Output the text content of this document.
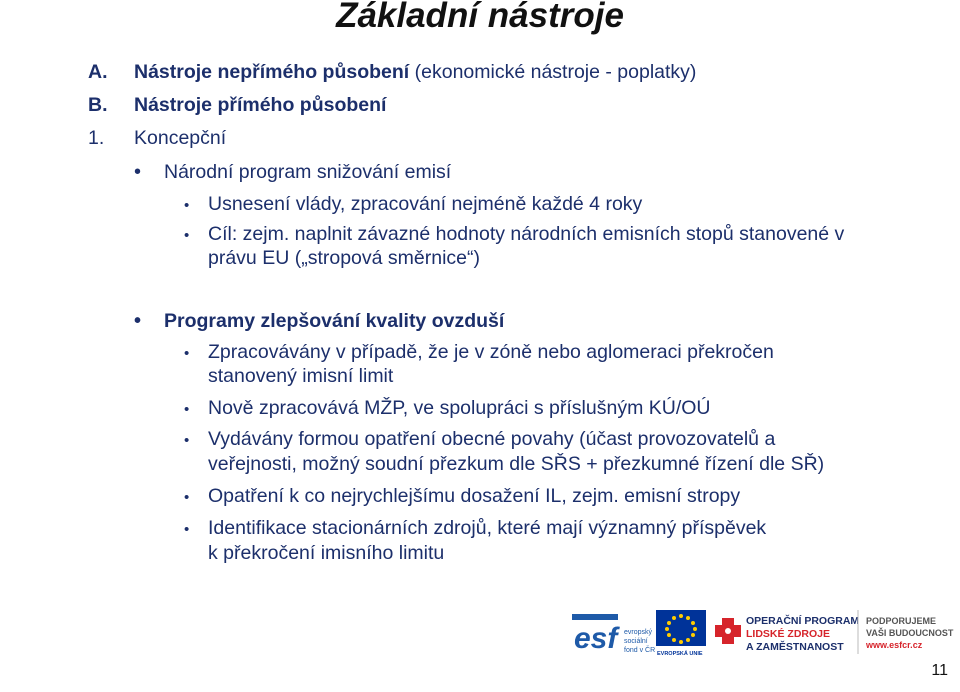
Základní nástroje
A. Nástroje nepřímého působení (ekonomické nástroje - poplatky)
B. Nástroje přímého působení
1. Koncepční
• Národní program snižování emisí
• Usnesení vlády, zpracování nejméně každé 4 roky
• Cíl: zejm. naplnit závazné hodnoty národních emisních stopů stanovené v
právu EU („stropová směrnice“)
• Programy zlepšování kvality ovzduší
• Zpracovávány v případě, že je v zóně nebo aglomeraci překročen
stanovený imisní limit
• Nově zpracovává MŽP, ve spolupráci s příslušným KÚ/OÚ
• Vydávány formou opatření obecné povahy (účast provozovatelů a
veřejnosti, možný soudní přezkum dle SŘS + přezkumné řízení dle SŘ)
• Opatření k co nejrychlejšímu dosažení IL, zejm. emisní stropy
• Identifikace stacionárních zdrojů, které mají významný příspěvek
k překročení imisního limitu
esf evropský
sociální
fond v ČR EVROPSKÁ UNIE
OPERAČNÍ PROGRAM
LIDSKÉ ZDROJE
A ZAMĚSTNANOST
PODPORUJEME
VAŠI BUDOUCNOST
www.esfcr.cz
11
